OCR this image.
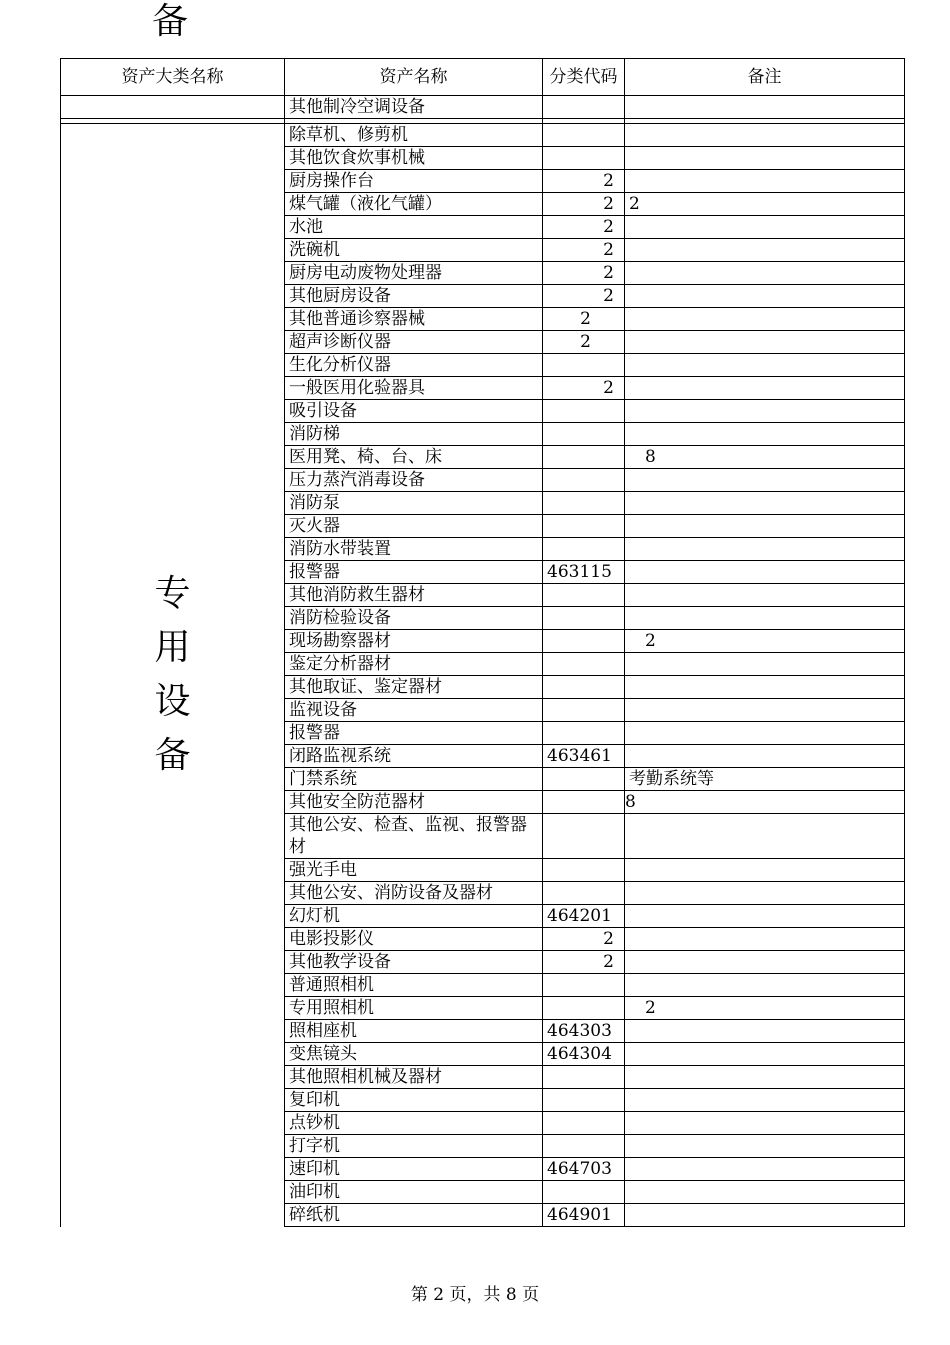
备
资产大类名称	资产名称	分类代码	备注
	其他制冷空调设备		

专用设备	除草机、修剪机		
	其他饮食炊事机械		
	厨房操作台	2	
	煤气罐（液化气罐）	2	2
	水池	2	
	洗碗机	2	
	厨房电动废物处理器	2	
	其他厨房设备	2	
	其他普通诊察器械	2	
	超声诊断仪器	2	
	生化分析仪器		
	一般医用化验器具	2	
	吸引设备		
	消防梯		
	医用凳、椅、台、床		8
	压力蒸汽消毒设备		
	消防泵		
	灭火器		
	消防水带装置		
	报警器	463115	
	其他消防救生器材		
	消防检验设备		
	现场勘察器材		2
	鉴定分析器材		
	其他取证、鉴定器材		
	监视设备		
	报警器		
	闭路监视系统	463461	
	门禁系统		考勤系统等
	其他安全防范器材		8
	其他公安、检查、监视、报警器材		
	强光手电		
	其他公安、消防设备及器材		
	幻灯机	464201	
	电影投影仪	2	
	其他教学设备	2	
	普通照相机		
	专用照相机		2
	照相座机	464303	
	变焦镜头	464304	
	其他照相机械及器材		
	复印机		
	点钞机		
	打字机		
	速印机	464703	
	油印机		
	碎纸机	464901	
第 2 页，共 8 页
